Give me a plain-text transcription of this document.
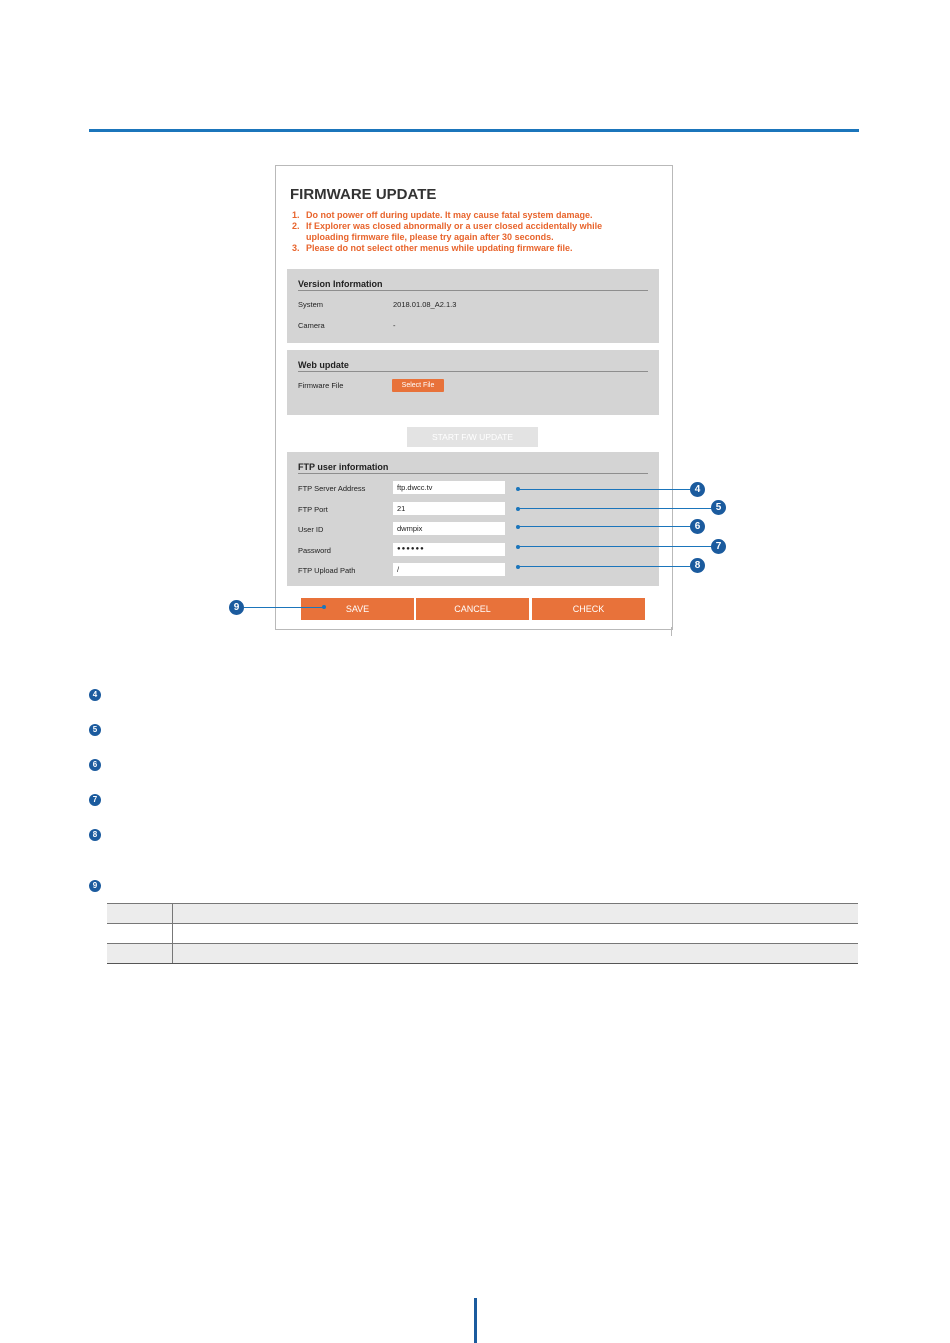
FIRMWARE UPDATE
1. Do not power off during update. It may cause fatal system damage.
2. If Explorer was closed abnormally or a user closed accidentally while uploading firmware file, please try again after 30 seconds.
3. Please do not select other menus while updating firmware file.
Version Information
System	2018.01.08_A2.1.3
Camera	-
Web update
Firmware File	Select File
START F/W UPDATE
FTP user information
FTP Server Address	ftp.dwcc.tv
FTP Port	21
User ID	dwmpix
Password	●●●●●●
FTP Upload Path	/
SAVE	CANCEL	CHECK
4
5
6
7
8
9
4
5
6
7
8
9
